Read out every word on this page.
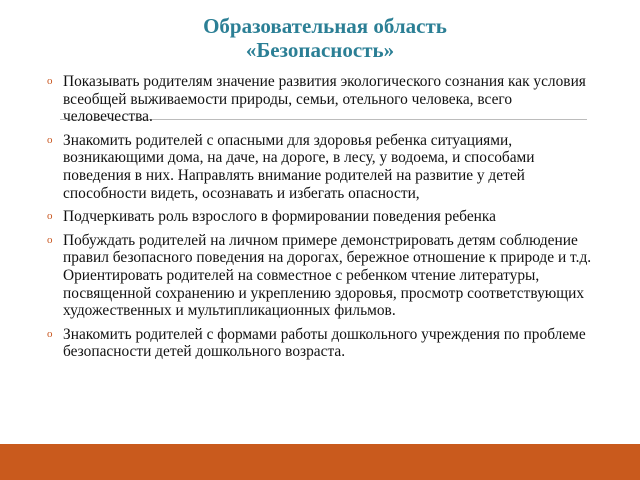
Образовательная область
«Безопасность»
o Показывать родителям значение развития экологического сознания как условия всеобщей выживаемости природы, семьи, отельного человека, всего человечества.
o Знакомить родителей с опасными для здоровья ребенка ситуациями, возникающими дома, на даче, на дороге, в лесу, у водоема, и способами поведения в них. Направлять внимание родителей на развитие у детей способности видеть, осознавать и избегать опасности,
o Подчеркивать роль взрослого в формировании поведения ребенка
o Побуждать родителей на личном примере демонстрировать детям соблюдение правил безопасного поведения на дорогах, бережное отношение к природе и т.д. Ориентировать родителей на совместное с ребенком чтение литературы, посвященной сохранению и укреплению здоровья, просмотр соответствующих художественных и мультипликационных фильмов.
o Знакомить родителей с формами работы дошкольного учреждения по проблеме безопасности детей дошкольного возраста.
